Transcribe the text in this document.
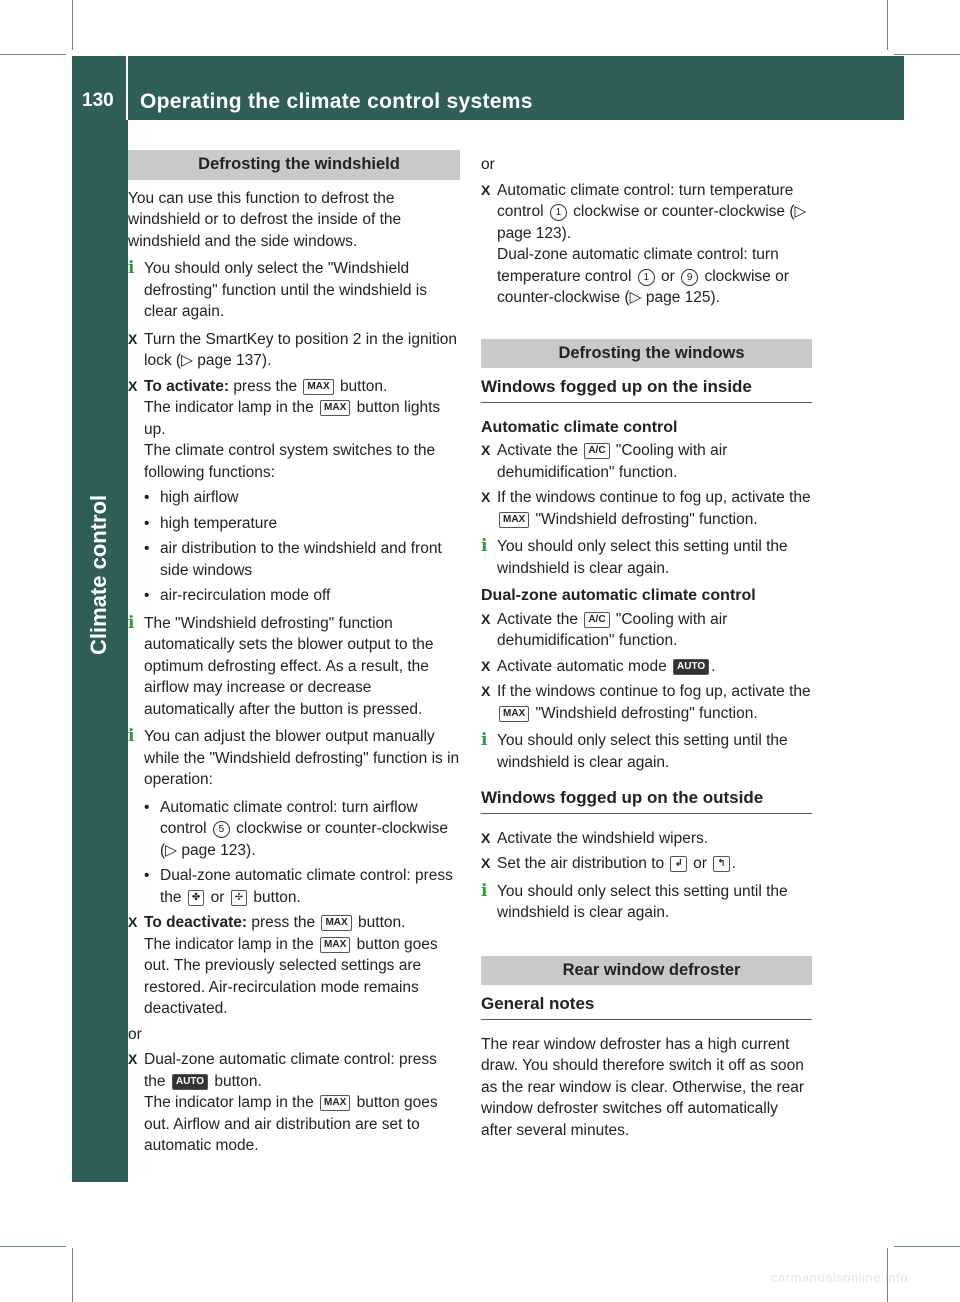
130 Operating the climate control systems
Climate control
Defrosting the windshield

You can use this function to defrost the windshield or to defrost the inside of the windshield and the side windows.

i You should only select the "Windshield defrosting" function until the windshield is clear again.
X Turn the SmartKey to position 2 in the ignition lock (▷ page 137).
X To activate: press the MAX button.
The indicator lamp in the MAX button lights up.
The climate control system switches to the following functions:
• high airflow
• high temperature
• air distribution to the windshield and front side windows
• air-recirculation mode off
i The "Windshield defrosting" function automatically sets the blower output to the optimum defrosting effect. As a result, the airflow may increase or decrease automatically after the button is pressed.
i You can adjust the blower output manually while the "Windshield defrosting" function is in operation:
• Automatic climate control: turn airflow control 5 clockwise or counter-clockwise (▷ page 123).
• Dual-zone automatic climate control: press the ✤ or ✢ button.
X To deactivate: press the MAX button.
The indicator lamp in the MAX button goes out. The previously selected settings are restored. Air-recirculation mode remains deactivated.
or
X Dual-zone automatic climate control: press the AUTO button.
The indicator lamp in the MAX button goes out. Airflow and air distribution are set to automatic mode.
or
X Automatic climate control: turn temperature control 1 clockwise or counter-clockwise (▷ page 123).
Dual-zone automatic climate control: turn temperature control 1 or 9 clockwise or counter-clockwise (▷ page 125).
Defrosting the windows
Windows fogged up on the inside
Automatic climate control
X Activate the A/C "Cooling with air dehumidification" function.
X If the windows continue to fog up, activate the MAX "Windshield defrosting" function.
i You should only select this setting until the windshield is clear again.
Dual-zone automatic climate control
X Activate the A/C "Cooling with air dehumidification" function.
X Activate automatic mode AUTO .
X If the windows continue to fog up, activate the MAX "Windshield defrosting" function.
i You should only select this setting until the windshield is clear again.
Windows fogged up on the outside
X Activate the windshield wipers.
X Set the air distribution to ↲ or ↰ .
i You should only select this setting until the windshield is clear again.
Rear window defroster
General notes

The rear window defroster has a high current draw. You should therefore switch it off as soon as the rear window is clear. Otherwise, the rear window defroster switches off automatically after several minutes.

carmanualsonline.info
